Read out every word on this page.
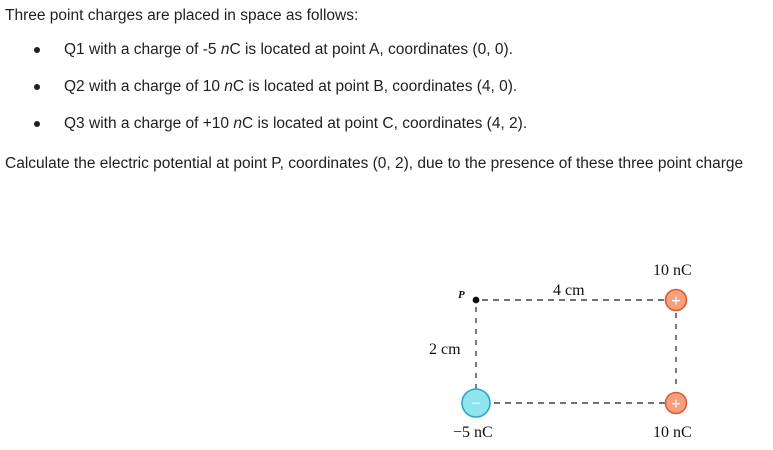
Three point charges are placed in space as follows:
Q1 with a charge of -5 nC is located at point A, coordinates (0, 0).
Q2 with a charge of 10 nC is located at point B, coordinates (4, 0).
Q3 with a charge of +10 nC is located at point C, coordinates (4, 2).
Calculate the electric potential at point P, coordinates (0, 2), due to the presence of these three point charge
P	4 cm
2 cm
10 nC
−5 nC	10 nC
+
+
−
